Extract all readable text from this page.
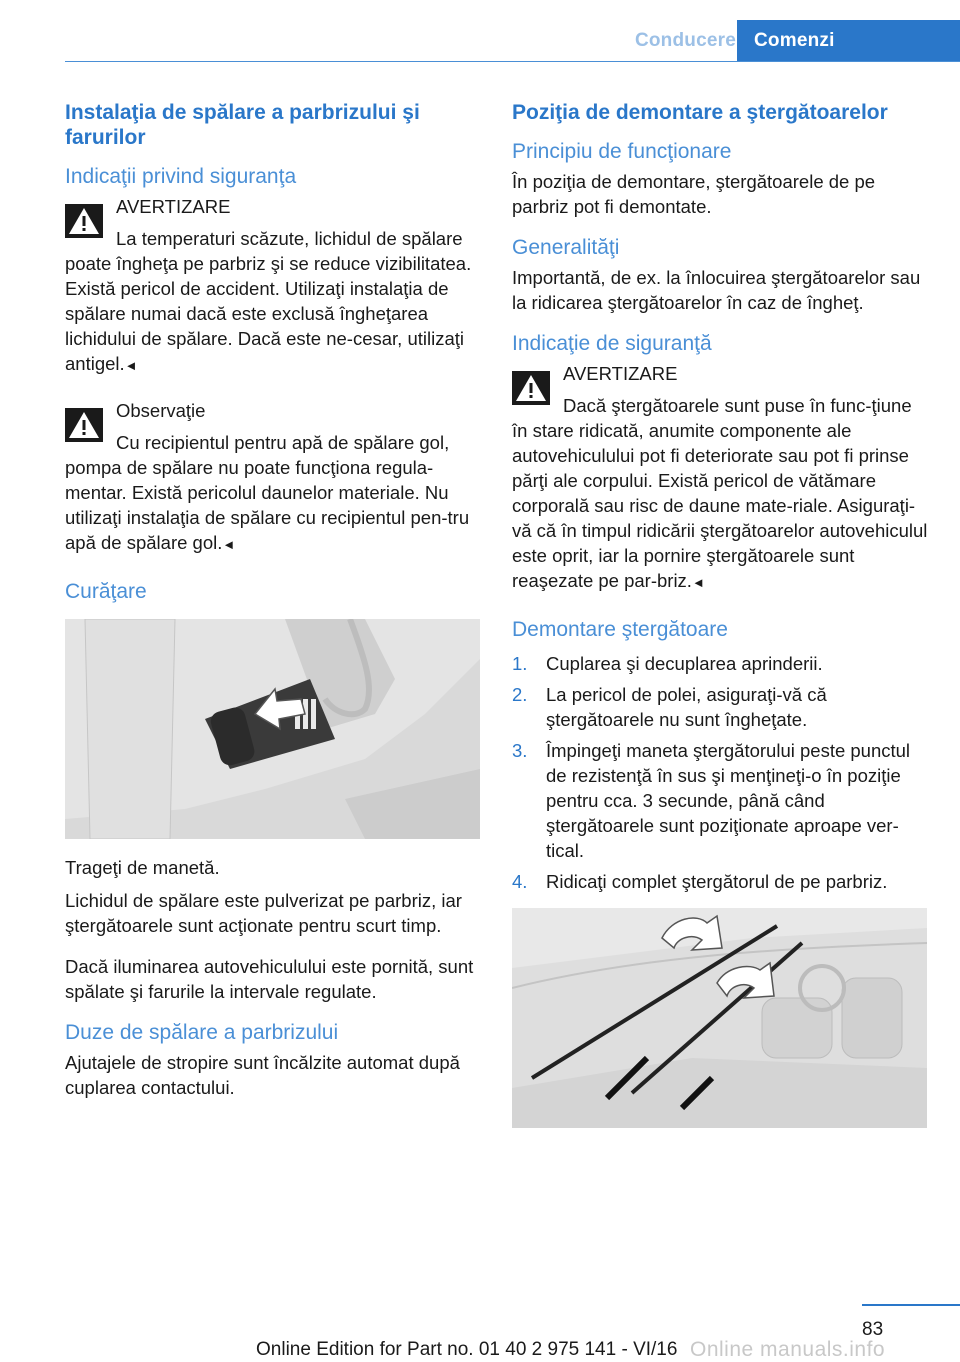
Conducere Comenzi
Instalaţia de spălare a parbrizului şi farurilor
Indicaţii privind siguranţa
AVERTIZARE
La temperaturi scăzute, lichidul de spălare poate îngheţa pe parbriz şi se reduce vizibilitatea. Există pericol de accident. Utilizaţi instalaţia de spălare numai dacă este exclusă îngheţarea lichidului de spălare. Dacă este ne‐cesar, utilizaţi antigel.◄
Observaţie
Cu recipientul pentru apă de spălare gol, pompa de spălare nu poate funcţiona regula‐mentar. Există pericolul daunelor materiale. Nu utilizaţi instalaţia de spălare cu recipientul pen‐tru apă de spălare gol.◄
Curăţare
Trageţi de manetă.
Lichidul de spălare este pulverizat pe parbriz, iar ştergătoarele sunt acţionate pentru scurt timp.
Dacă iluminarea autovehiculului este pornită, sunt spălate şi farurile la intervale regulate.
Duze de spălare a parbrizului
Ajutajele de stropire sunt încălzite automat după cuplarea contactului.
Poziţia de demontare a ştergătoarelor
Principiu de funcţionare
În poziţia de demontare, ştergătoarele de pe parbriz pot fi demontate.
Generalităţi
Importantă, de ex. la înlocuirea ştergătoarelor sau la ridicarea ştergătoarelor în caz de îngheţ.
Indicaţie de siguranţă
AVERTIZARE
Dacă ştergătoarele sunt puse în func‐ţiune în stare ridicată, anumite componente ale autovehiculului pot fi deteriorate sau pot fi prinse părţi ale corpului. Există pericol de vătămare corporală sau risc de daune mate‐riale. Asiguraţi-vă că în timpul ridicării ştergătoarelor autovehiculul este oprit, iar la pornire ştergătoarele sunt reaşezate pe par‐briz.◄
Demontare ştergătoare
1. Cuplarea şi decuplarea aprinderii.
2. La pericol de polei, asiguraţi-vă că ştergătoarele nu sunt îngheţate.
3. Împingeţi maneta ştergătorului peste punctul de rezistenţă în sus şi menţineţi-o în poziţie pentru cca. 3 secunde, până când ştergătoarele sunt poziţionate aproape ver‐tical.
4. Ridicaţi complet ştergătorul de pe parbriz.
83
Online Edition for Part no. 01 40 2 975 141 - VI/16 Online manuals.info
